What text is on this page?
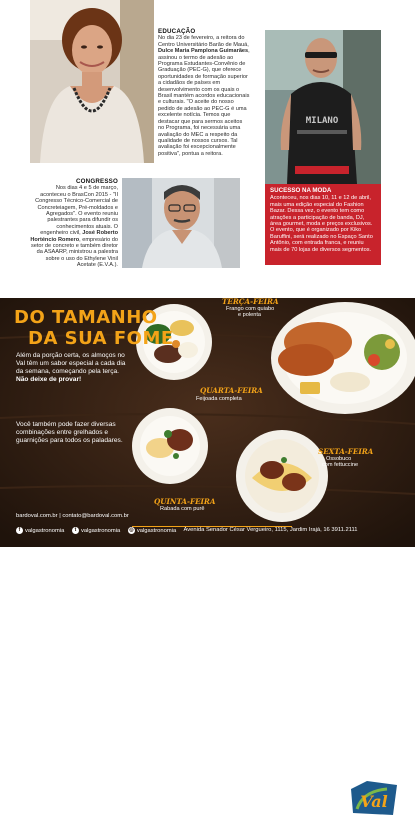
EDUCAÇÃO
No dia 23 de fevereiro, a reitora do Centro Universitário Barão de Mauá, Dulce Maria Pamplona Guimarães, assinou o termo de adesão ao Programa Estudantes-Convênio de Graduação (PEC-G), que oferece oportunidades de formação superior a cidadãos de países em desenvolvimento com os quais o Brasil mantém acordos educacionais e culturais. "O aceite do nosso pedido de adesão ao PEC-G é uma excelente notícia. Temos que destacar que para sermos aceitos no Programa, foi necessária uma avaliação do MEC a respeito da qualidade de nossos cursos. Tal avaliação foi excepcionalmente positiva", pontua a reitora.
MILANO
SUCESSO NA MODA
Aconteceu, nos dias 10, 11 e 12 de abril, mais uma edição especial do Fashion Bazar. Dessa vez, o evento tem como atrações a participação de banda, DJ, área gourmet, moda e preços exclusivos. O evento, que é organizado por Kiko Baruffini, será realizado no Espaço Santo Antônio, com entrada franca, e reuniu mais de 70 lojas de diversos segmentos.
CONGRESSO
Nos dias 4 e 5 de março, aconteceu o BrasCon 2015 - "II Congresso Técnico-Comercial de Concreteiagem, Pré-moldados e Agregados". O evento reuniu palestrantes para difundir os conhecimentos atuais. O engenheiro civil, José Roberto Horténcio Romero, empresário do setor de concreto e também diretor da ASAARP, ministrou a palestra sobre o uso do Ethylene Vinil Acetate (E.V.A.).
Val
Gastronomia e Música Brasileira
DO TAMANHO
DA SUA FOME
Além da porção certa, os almoços no Val têm um sabor especial a cada dia da semana, começando pela terça. Não deixe de provar!
Você também pode fazer diversas combinações entre grelhados e guarnições para todos os paladares.
TERÇA-FEIRA
Frango com quiabo
e polenta
QUARTA-FEIRA
Feijoada completa
QUINTA-FEIRA
Rabada com purê
SEXTA-FEIRA
Ossobuco
com fettuccine
bardoval.com.br | contato@bardoval.com.br
f valgastronomia
	t valgastronomia
◎ valgastronomia Avenida Senador César Vergueiro, 1115, Jardim Irajá, 16 3911.2111
